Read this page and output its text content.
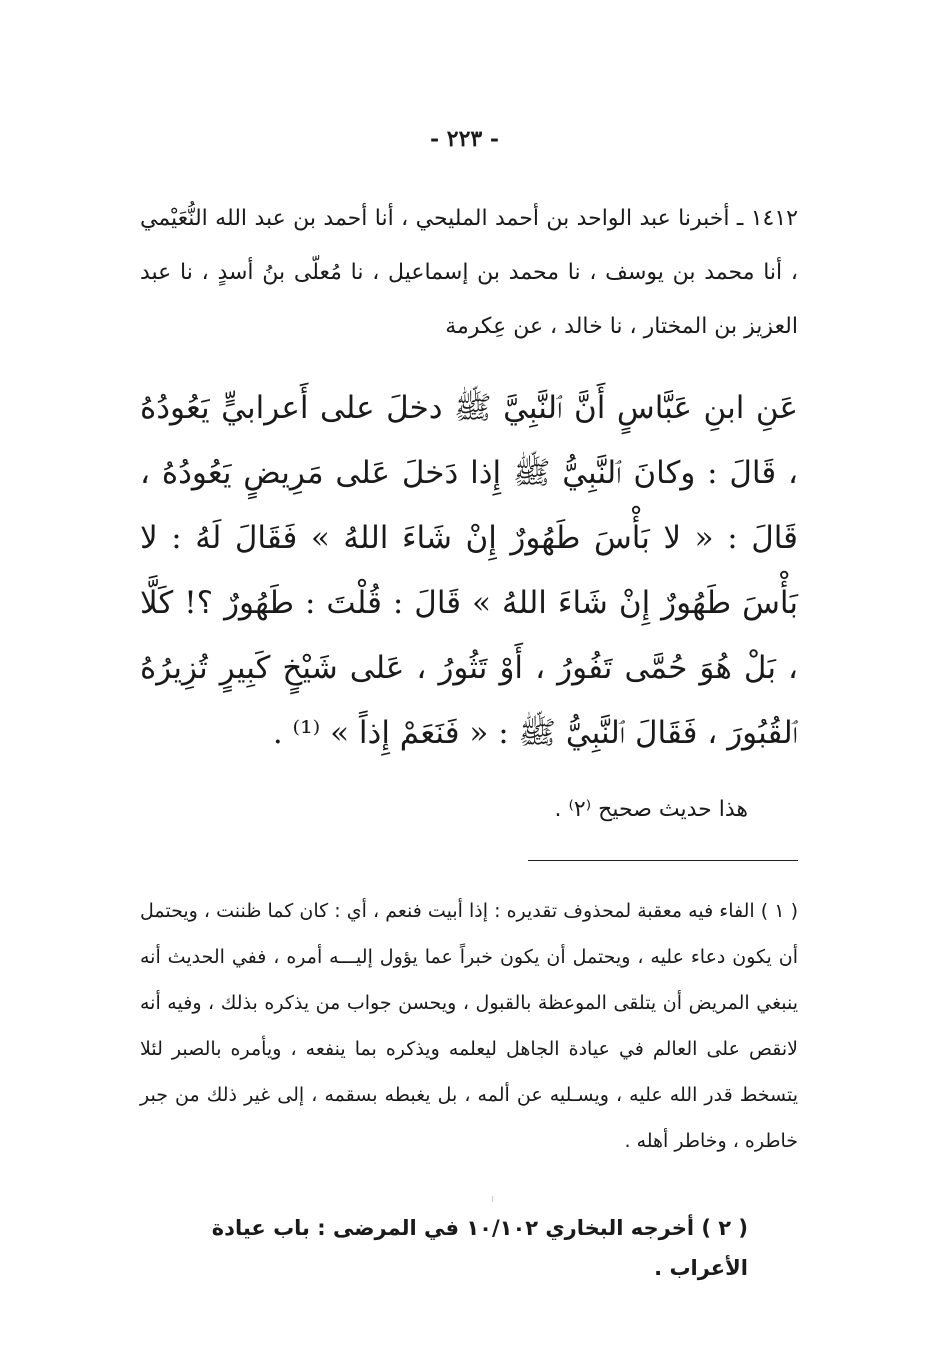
- ٢٢٣ -

١٤١٢ ـ أخبرنا عبد الواحد بن أحمد المليحي ، أنا أحمد بن عبد الله النُّعَيْمي ، أنا محمد بن يوسف ، نا محمد بن إسماعيل ، نا مُعلّى بنُ أسدٍ ، نا عبد العزيز بن المختار ، نا خالد ، عن عِكرمة

عَنِ ابنِ عَبَّاسٍ أَنَّ ٱلنَّبِيَّ ﷺ دخلَ على أَعرابيٍّ يَعُودُهُ ، قَالَ : وكانَ ٱلنَّبِيُّ ﷺ إِذا دَخلَ عَلى مَرِيضٍ يَعُودُهُ ، قَالَ : « لا بَأْسَ طَهُورٌ إِنْ شَاءَ اللهُ » فَقَالَ لَهُ : لا بَأْسَ طَهُورٌ إِنْ شَاءَ اللهُ » قَالَ : قُلْتَ : طَهُورٌ ؟! كَلَّا ، بَلْ هُوَ حُمَّى تَفُورُ ، أَوْ تَثُورُ ، عَلى شَيْخٍ كَبِيرٍ تُزِيرُهُ ٱلقُبُورَ ، فَقَالَ ٱلنَّبِيُّ ﷺ : « فَنَعَمْ إِذاً » ⁽¹⁾ .

هذا حديث صحيح ⁽٢⁾ .

( ١ ) الفاء فيه معقبة لمحذوف تقديره : إذا أبيت فنعم ، أي : كان كما ظننت ، ويحتمل أن يكون دعاء عليه ، ويحتمل أن يكون خبراً عما يؤول إليـــه أمره ، ففي الحديث أنه ينبغي المريض أن يتلقى الموعظة بالقبول ، ويحسن جواب من يذكره بذلك ، وفيه أنه لانقص على العالم في عيادة الجاهل ليعلمه ويذكره بما ينفعه ، ويأمره بالصبر لئلا يتسخط قدر الله عليه ، ويسـليه عن ألمه ، بل يغبطه بسقمه ، إلى غير ذلك من جبر خاطره ، وخاطر أهله .

( ٢ ) أخرجه البخاري ١٠/١٠٢ في المرضى : باب عيادة الأعراب .
